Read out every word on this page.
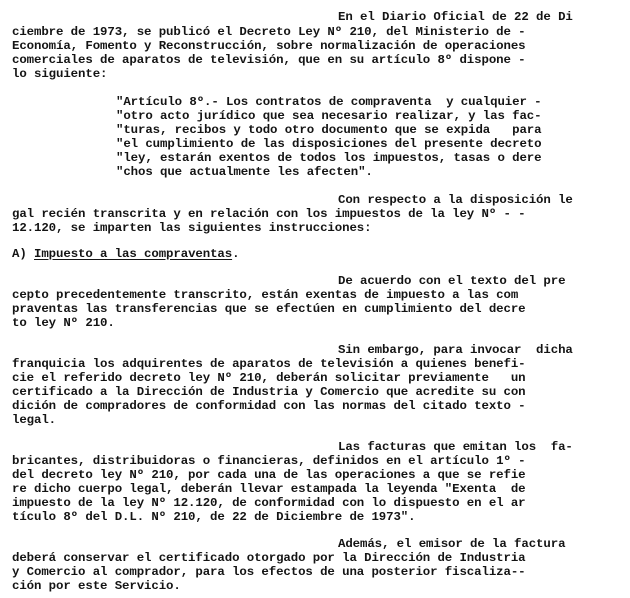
En el Diario Oficial de 22 de Di
ciembre de 1973, se publicó el Decreto Ley Nº 210, del Ministerio de -
Economía, Fomento y Reconstrucción, sobre normalización de operaciones
comerciales de aparatos de televisión, que en su artículo 8º dispone -
lo siguiente:
"Artículo 8º.- Los contratos de compraventa  y cualquier -
"otro acto jurídico que sea necesario realizar, y las fac-
"turas, recibos y todo otro documento que se expida   para
"el cumplimiento de las disposiciones del presente decreto
"ley, estarán exentos de todos los impuestos, tasas o dere
"chos que actualmente les afecten".
Con respecto a la disposición le
gal recién transcrita y en relación con los impuestos de la ley Nº - -
12.120, se imparten las siguientes instrucciones:
A) Impuesto a las compraventas.
De acuerdo con el texto del pre
cepto precedentemente transcrito, están exentas de impuesto a las com
praventas las transferencias que se efectúen en cumplimiento del decre
to ley Nº 210.
Sin embargo, para invocar  dicha
franquicia los adquirentes de aparatos de televisión a quienes benefi-
cie el referido decreto ley Nº 210, deberán solicitar previamente   un
certificado a la Dirección de Industria y Comercio que acredite su con
dición de compradores de conformidad con las normas del citado texto -
legal.
Las facturas que emitan los  fa-
bricantes, distribuidoras o financieras, definidos en el artículo 1º -
del decreto ley Nº 210, por cada una de las operaciones a que se refie
re dicho cuerpo legal, deberán llevar estampada la leyenda "Exenta  de
impuesto de la ley Nº 12.120, de conformidad con lo dispuesto en el ar
tículo 8º del D.L. Nº 210, de 22 de Diciembre de 1973".
Además, el emisor de la factura
deberá conservar el certificado otorgado por la Dirección de Industria
y Comercio al comprador, para los efectos de una posterior fiscaliza--
ción por este Servicio.
